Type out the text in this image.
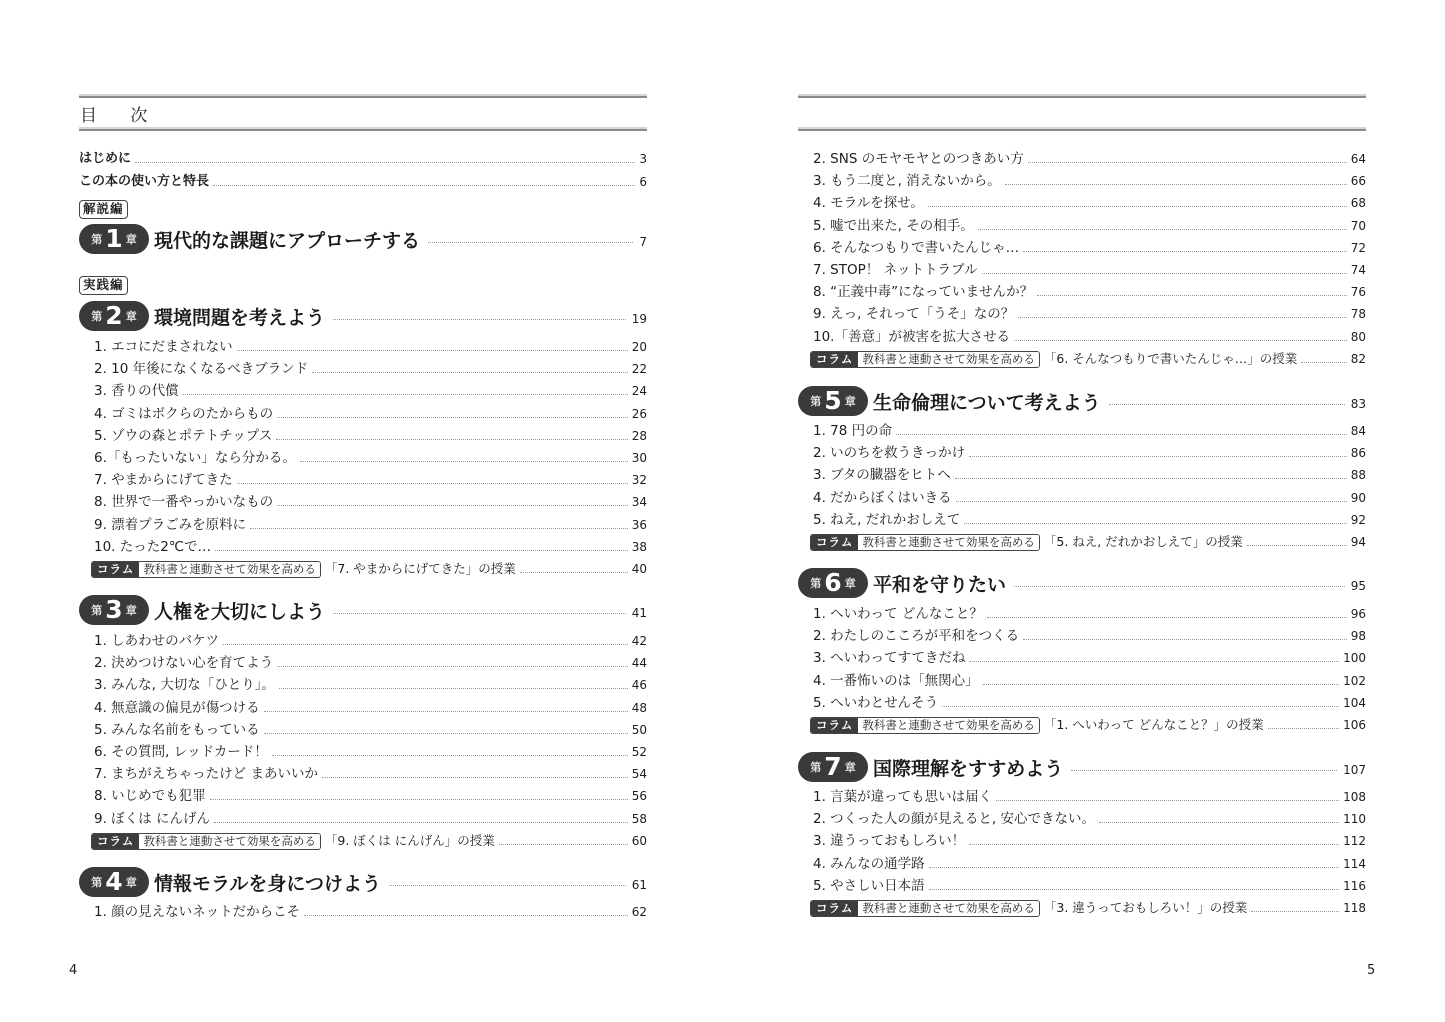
目 次
はじめに	3
この本の使い方と特長	6
解説編
第 1 章 現代的な課題にアプローチする	7
実践編
第 2 章 環境問題を考えよう	19
1. エコにだまされない	20
2. 10 年後になくなるべきブランド	22
3. 香りの代償	24
4. ゴミはボクらのたからもの	26
5. ゾウの森とポテトチップス	28
6.「もったいない」なら分かる。	30
7. やまからにげてきた	32
8. 世界で一番やっかいなもの	34
9. 漂着プラごみを原料に	36
10. たった2℃で…	38
コラム 教科書と連動させて効果を高める 「7. やまからにげてきた」の授業	40
第 3 章 人権を大切にしよう	41
1. しあわせのバケツ	42
2. 決めつけない心を育てよう	44
3. みんな, 大切な「ひとり」。	46
4. 無意識の偏見が傷つける	48
5. みんな名前をもっている	50
6. その質問, レッドカード！	52
7. まちがえちゃったけど まあいいか	54
8. いじめでも犯罪	56
9. ぼくは にんげん	58
コラム 教科書と連動させて効果を高める 「9. ぼくは にんげん」の授業	60
第 4 章 情報モラルを身につけよう	61
1. 顔の見えないネットだからこそ	62
4
2. SNS のモヤモヤとのつきあい方	64
3. もう二度と, 消えないから。	66
4. モラルを探せ。	68
5. 嘘で出来た, その相手。	70
6. そんなつもりで書いたんじゃ…	72
7. STOP！ ネットトラブル	74
8. “正義中毒”になっていませんか？	76
9. えっ, それって「うそ」なの？	78
10.「善意」が被害を拡大させる	80
コラム 教科書と連動させて効果を高める 「6. そんなつもりで書いたんじゃ…」の授業	82
第 5 章 生命倫理について考えよう	83
1. 78 円の命	84
2. いのちを救うきっかけ	86
3. ブタの臓器をヒトへ	88
4. だからぼくはいきる	90
5. ねえ, だれかおしえて	92
コラム 教科書と連動させて効果を高める 「5. ねえ, だれかおしえて」の授業	94
第 6 章 平和を守りたい	95
1. へいわって どんなこと？	96
2. わたしのこころが平和をつくる	98
3. へいわってすてきだね	100
4. 一番怖いのは「無関心」	102
5. へいわとせんそう	104
コラム 教科書と連動させて効果を高める 「1. へいわって どんなこと？」の授業	106
第 7 章 国際理解をすすめよう	107
1. 言葉が違っても思いは届く	108
2. つくった人の顔が見えると, 安心できない。	110
3. 違うっておもしろい！	112
4. みんなの通学路	114
5. やさしい日本語	116
コラム 教科書と連動させて効果を高める 「3. 違うっておもしろい！」の授業	118
5
